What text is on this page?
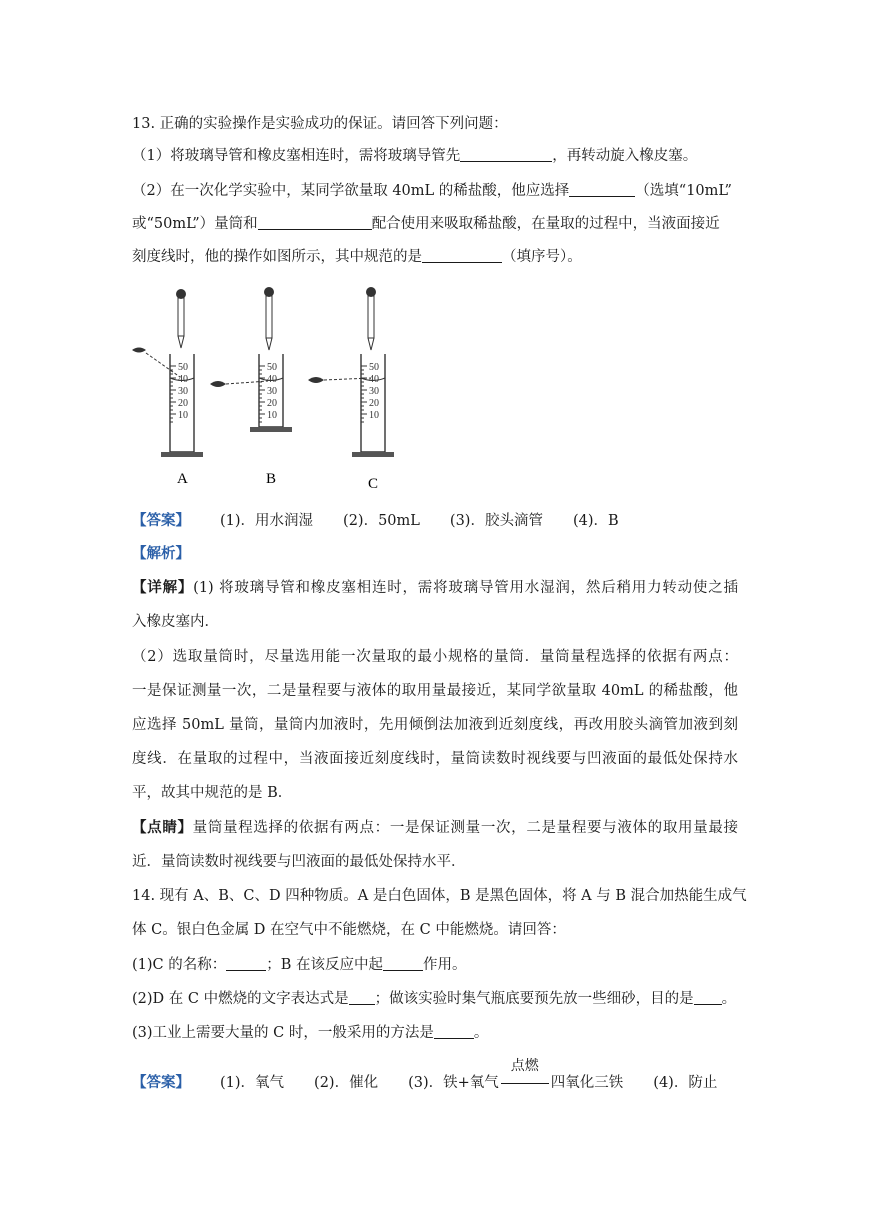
13. 正确的实验操作是实验成功的保证。请回答下列问题：
（1）将玻璃导管和橡皮塞相连时，需将玻璃导管先	，再转动旋入橡皮塞。
（2）在一次化学实验中，某同学欲量取 40mL 的稀盐酸，他应选择	（选填“10mL”
或“50mL”）量筒和	配合使用来吸取稀盐酸，在量取的过程中，当液面接近
刻度线时，他的操作如图所示，其中规范的是	（填序号）。
50
40
30
20
10
A
50
40
30
20
10
B
50
40
30
20
10
C
【答案】 (1)．用水润湿 (2)．50mL (3)．胶头滴管 (4)．B
【解析】
【详解】(1) 将玻璃导管和橡皮塞相连时，需将玻璃导管用水湿润，然后稍用力转动使之插
入橡皮塞内．
（2）选取量筒时，尽量选用能一次量取的最小规格的量筒．量筒量程选择的依据有两点：
一是保证测量一次，二是量程要与液体的取用量最接近，某同学欲量取 40mL 的稀盐酸，他
应选择 50mL 量筒，量筒内加液时，先用倾倒法加液到近刻度线，再改用胶头滴管加液到刻
度线．在量取的过程中，当液面接近刻度线时，量筒读数时视线要与凹液面的最低处保持水
平，故其中规范的是 B．
【点睛】量筒量程选择的依据有两点：一是保证测量一次，二是量程要与液体的取用量最接
近．量筒读数时视线要与凹液面的最低处保持水平．
14. 现有 A、B、C、D 四种物质。A 是白色固体，B 是黑色固体，将 A 与 B 混合加热能生成气
体 C。银白色金属 D 在空气中不能燃烧，在 C 中能燃烧。请回答：
(1)C 的名称：	；B 在该反应中起	作用。
(2)D 在 C 中燃烧的文字表达式是 ；做该实验时集气瓶底要预先放一些细砂，目的是 。
(3)工业上需要大量的 C 时，一般采用的方法是	。
【答案】 (1)．氧气 (2)．催化 (3)．铁+氧气
点燃
四氧化三铁 (4)．防止
